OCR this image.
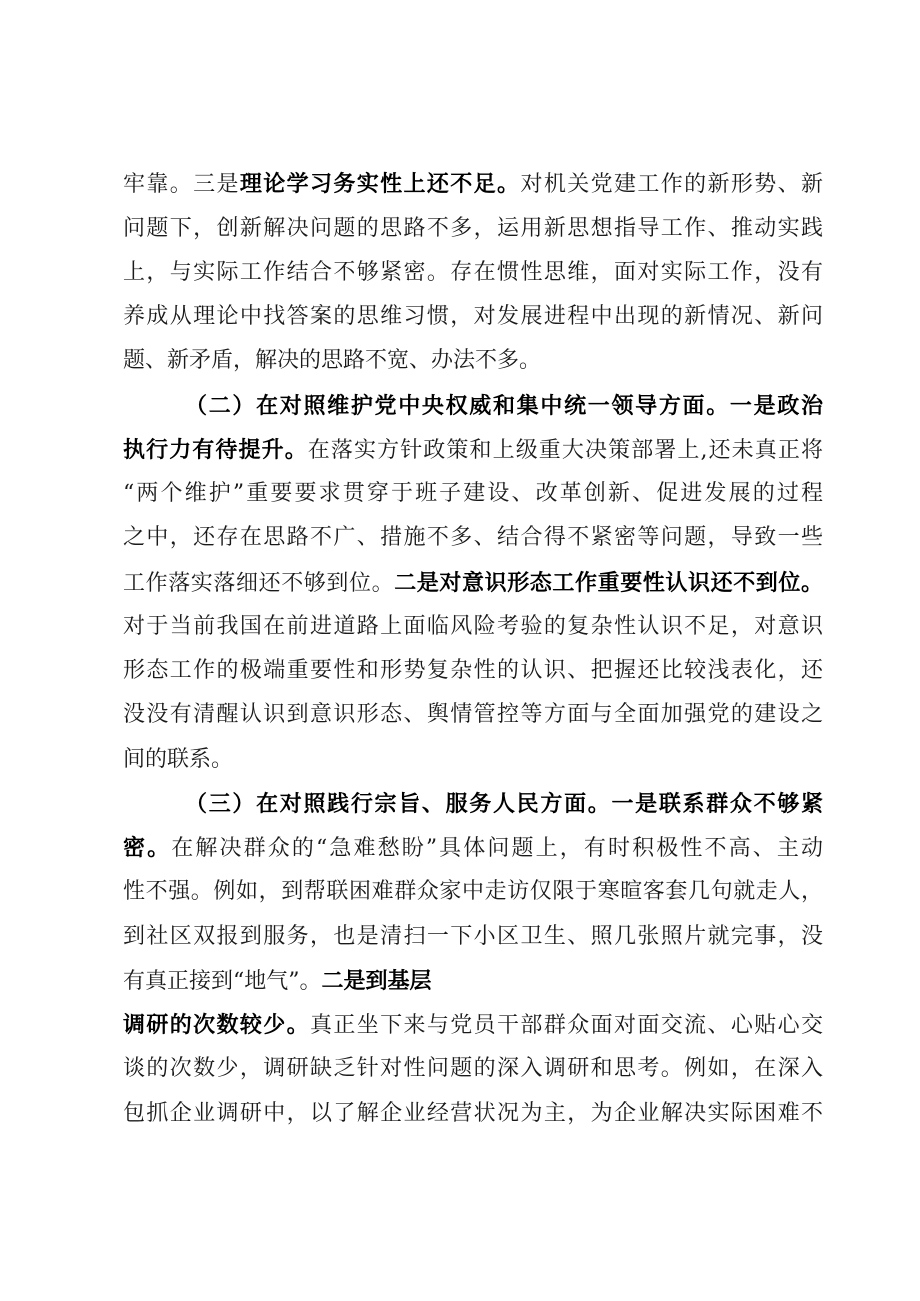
牢靠。三是理论学习务实性上还不足。对机关党建工作的新形势、新
问题下，创新解决问题的思路不多，运用新思想指导工作、推动实践
上，与实际工作结合不够紧密。存在惯性思维，面对实际工作，没有
养成从理论中找答案的思维习惯，对发展进程中出现的新情况、新问
题、新矛盾，解决的思路不宽、办法不多。
（二）在对照维护党中央权威和集中统一领导方面。一是政治
执行力有待提升。在落实方针政策和上级重大决策部署上,还未真正将
“两个维护”重要要求贯穿于班子建设、改革创新、促进发展的过程
之中，还存在思路不广、措施不多、结合得不紧密等问题，导致一些
工作落实落细还不够到位。二是对意识形态工作重要性认识还不到位。
对于当前我国在前进道路上面临风险考验的复杂性认识不足，对意识
形态工作的极端重要性和形势复杂性的认识、把握还比较浅表化，还
没没有清醒认识到意识形态、舆情管控等方面与全面加强党的建设之
间的联系。
（三）在对照践行宗旨、服务人民方面。一是联系群众不够紧
密。在解决群众的“急难愁盼”具体问题上，有时积极性不高、主动
性不强。例如，到帮联困难群众家中走访仅限于寒暄客套几句就走人，
到社区双报到服务，也是清扫一下小区卫生、照几张照片就完事，没
有真正接到“地气”。二是到基层
调研的次数较少。真正坐下来与党员干部群众面对面交流、心贴心交
谈的次数少，调研缺乏针对性问题的深入调研和思考。例如，在深入
包抓企业调研中，以了解企业经营状况为主，为企业解决实际困难不
